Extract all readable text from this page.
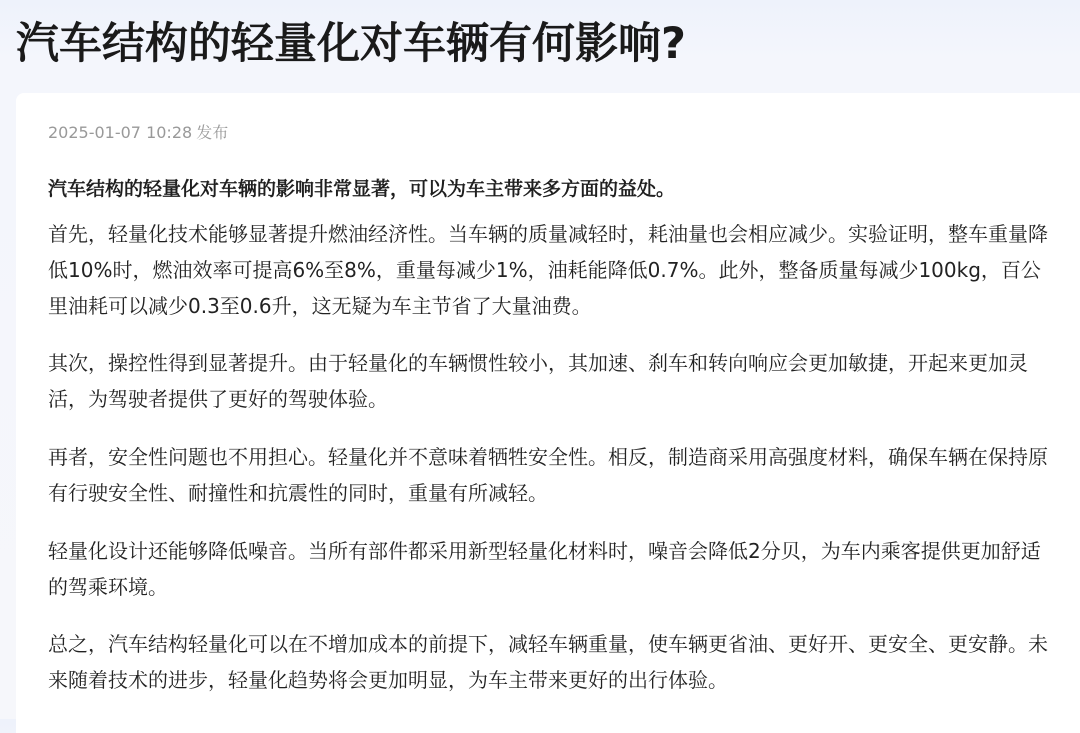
汽车结构的轻量化对车辆有何影响?
2025-01-07 10:28 发布

汽车结构的轻量化对车辆的影响非常显著，可以为车主带来多方面的益处。

首先，轻量化技术能够显著提升燃油经济性。当车辆的质量减轻时，耗油量也会相应减少。实验证明，整车重量降低10%时，燃油效率可提高6%至8%，重量每减少1%，油耗能降低0.7%。此外，整备质量每减少100kg，百公里油耗可以减少0.3至0.6升，这无疑为车主节省了大量油费。

其次，操控性得到显著提升。由于轻量化的车辆惯性较小，其加速、刹车和转向响应会更加敏捷，开起来更加灵活，为驾驶者提供了更好的驾驶体验。

再者，安全性问题也不用担心。轻量化并不意味着牺牲安全性。相反，制造商采用高强度材料，确保车辆在保持原有行驶安全性、耐撞性和抗震性的同时，重量有所减轻。

轻量化设计还能够降低噪音。当所有部件都采用新型轻量化材料时，噪音会降低2分贝，为车内乘客提供更加舒适的驾乘环境。

总之，汽车结构轻量化可以在不增加成本的前提下，减轻车辆重量，使车辆更省油、更好开、更安全、更安静。未来随着技术的进步，轻量化趋势将会更加明显，为车主带来更好的出行体验。
